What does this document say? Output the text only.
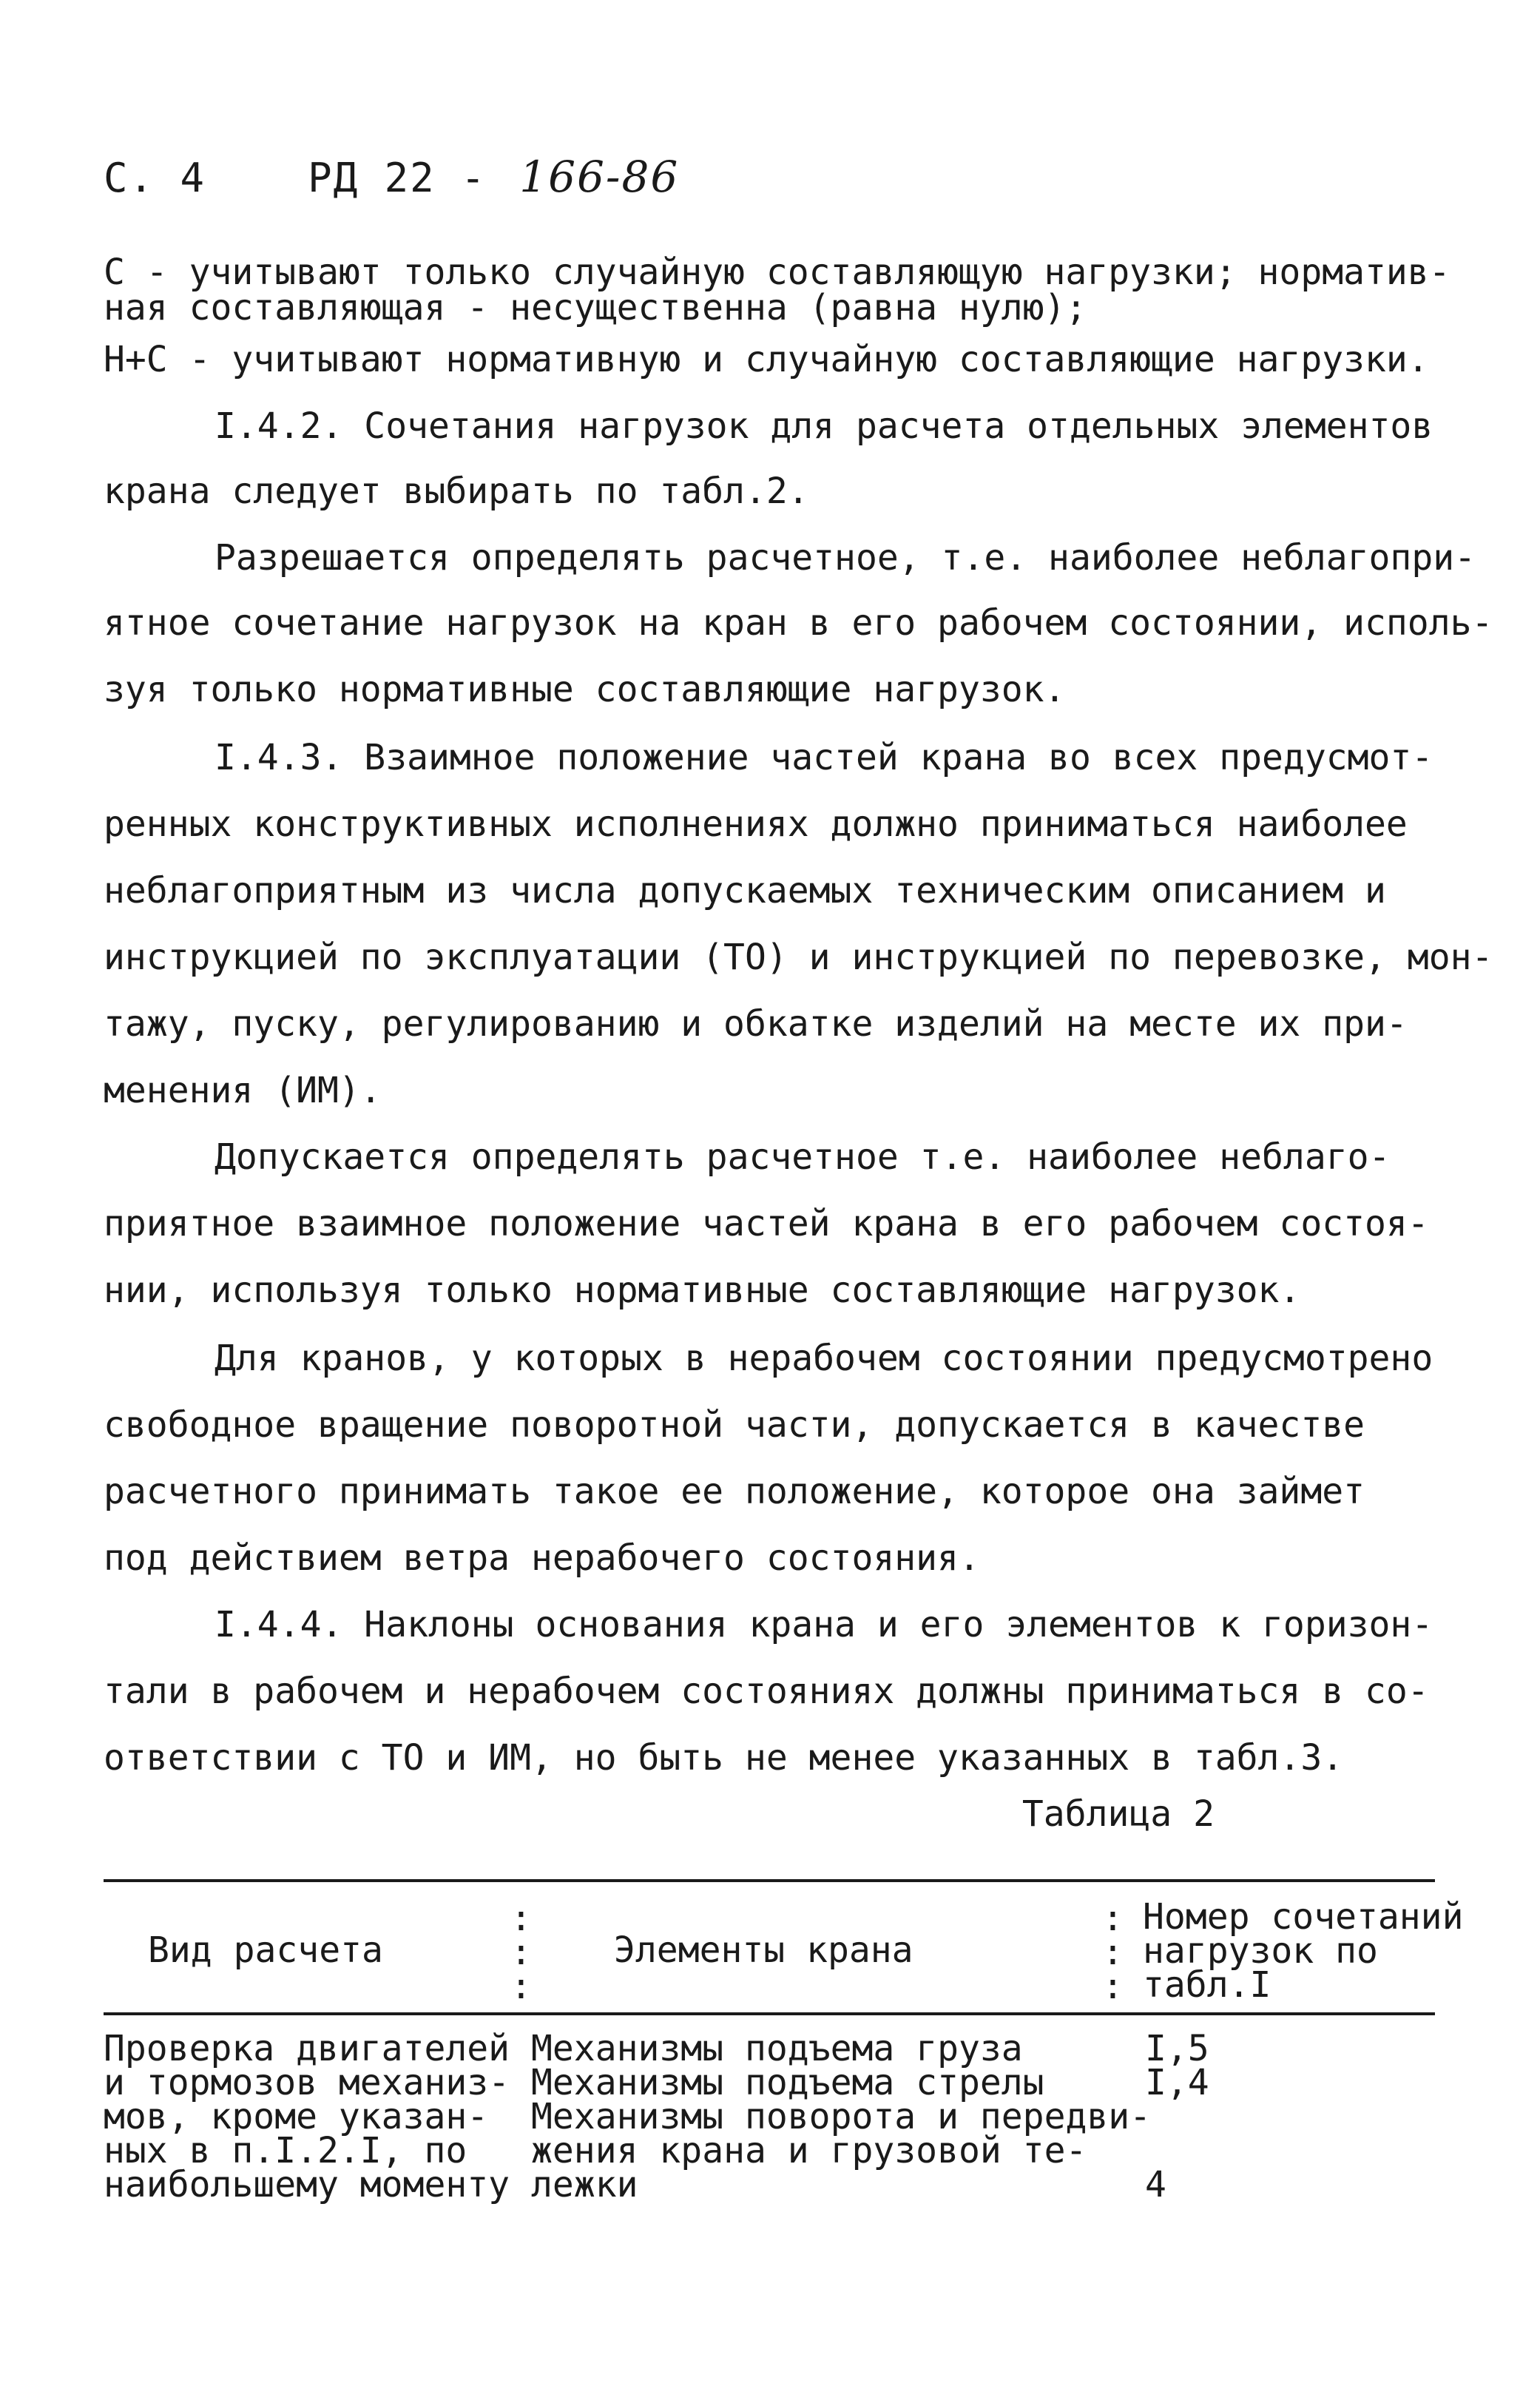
С. 4	РД 22 - 166-86
С - учитывают только случайную составляющую нагрузки; норматив-
ная составляющая - несущественна (равна нулю);
Н+С - учитывают нормативную и случайную составляющие нагрузки.
I.4.2. Сочетания нагрузок для расчета отдельных элементов
крана следует выбирать по табл.2.
Разрешается определять расчетное, т.е. наиболее неблагопри-
ятное сочетание нагрузок на кран в его рабочем состоянии, исполь-
зуя только нормативные составляющие нагрузок.
I.4.3. Взаимное положение частей крана во всех предусмот-
ренных конструктивных исполнениях должно приниматься наиболее
неблагоприятным из числа допускаемых техническим описанием и
инструкцией по эксплуатации (ТО) и инструкцией по перевозке, мон-
тажу, пуску, регулированию и обкатке изделий на месте их при-
менения (ИМ).
Допускается определять расчетное т.е. наиболее неблаго-
приятное взаимное положение частей крана в его рабочем состоя-
нии, используя только нормативные составляющие нагрузок.
Для кранов, у которых в нерабочем состоянии предусмотрено
свободное вращение поворотной части, допускается в качестве
расчетного принимать такое ее положение, которое она займет
под действием ветра нерабочего состояния.
I.4.4. Наклоны основания крана и его элементов к горизон-
тали в рабочем и нерабочем состояниях должны приниматься в со-
ответствии с ТО и ИМ, но быть не менее указанных в табл.3.
Таблица 2
Вид расчета
:
:
:
Элементы крана
:
:
:
Номер сочетаний
нагрузок по
табл.I
Проверка двигателей
и тормозов механиз-
мов, кроме указан-
ных в п.I.2.I, по
наибольшему моменту
Механизмы подъема груза
Механизмы подъема стрелы
Механизмы поворота и передви-
жения крана и грузовой те-
лежки
I,5
I,4
4
